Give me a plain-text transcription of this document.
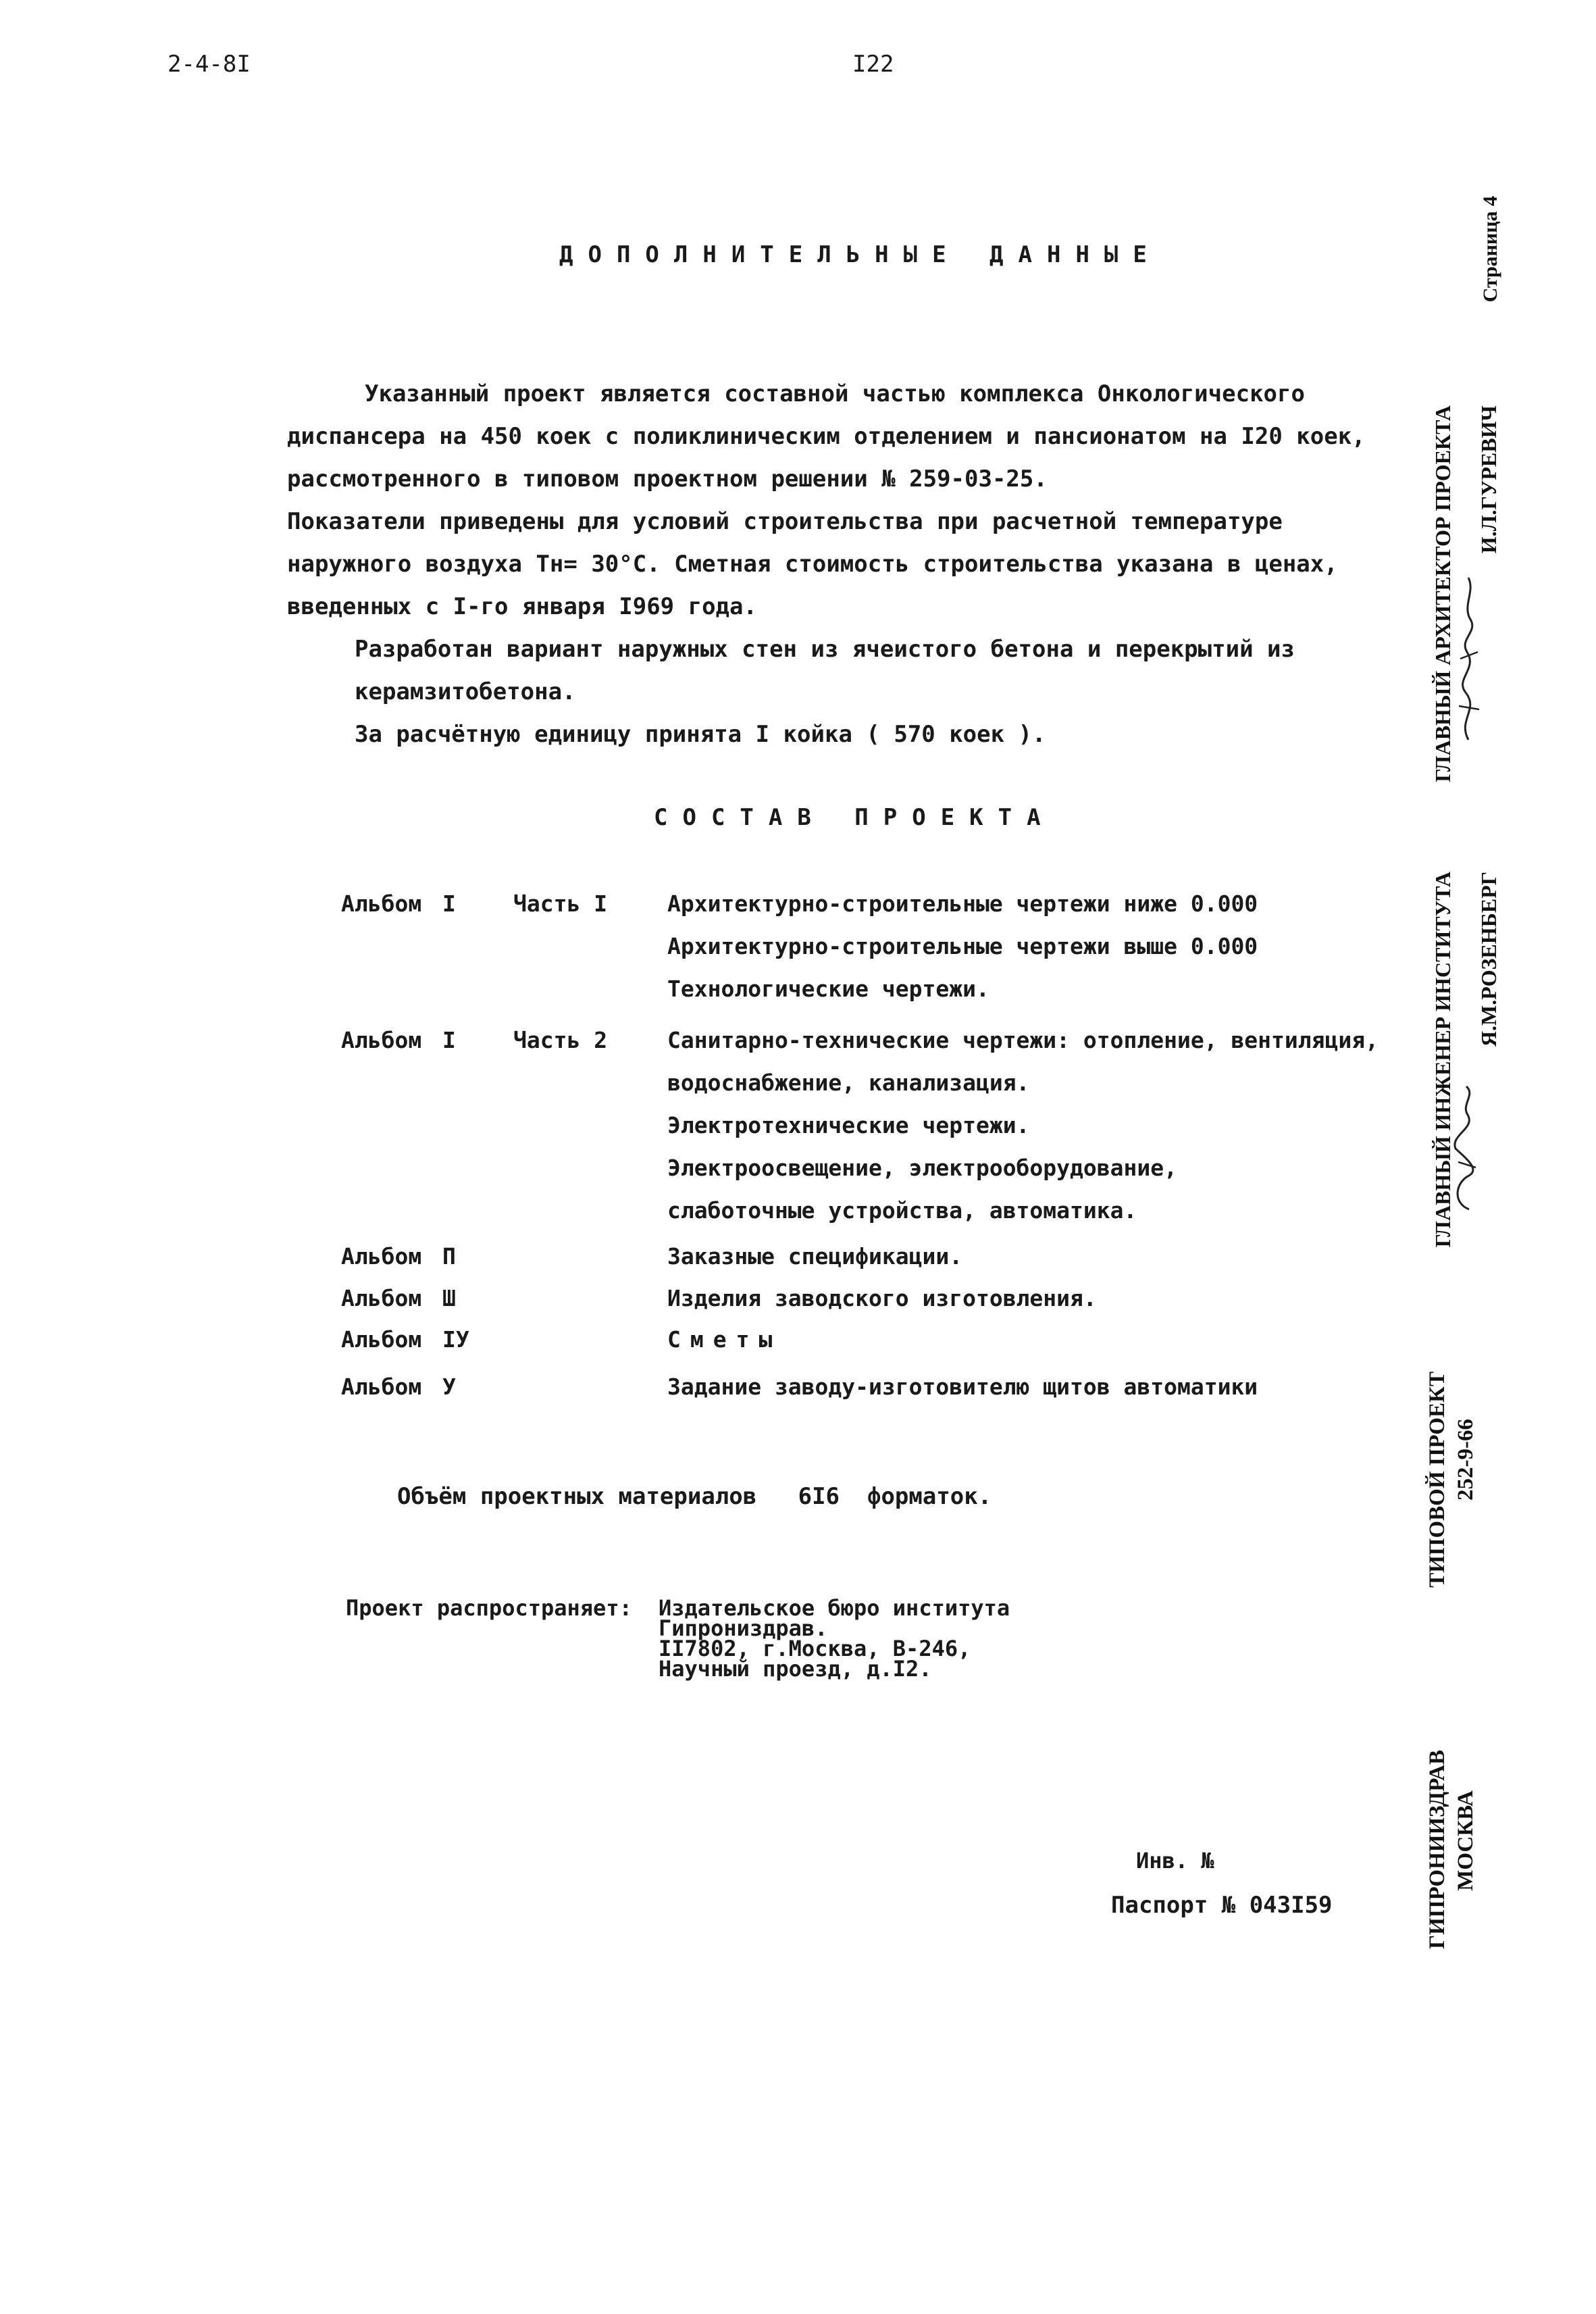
2-4-8I	I22
ДОПОЛНИТЕЛЬНЫЕ ДАННЫЕ

Указанный проект является составной частью комплекса Онкологического диспансера на 450 коек с поликлиническим отделением и пансионатом на I20 коек, рассмотренного в типовом проектном решении № 259-03-25.

Показатели приведены для условий строительства при расчетной температуре наружного воздуха Тн= 30°С. Сметная стоимость строительства указана в ценах, введенных с I-го января I969 года.

Разработан вариант наружных стен из ячеистого бетона и перекрытий из керамзитобетона.

За расчётную единицу принята I койка ( 570 коек ).

СОСТАВ ПРОЕКТА
Альбом I	Часть I	Архитектурно-строительные чертежи ниже 0.000
Архитектурно-строительные чертежи выше 0.000
Технологические чертежи.
Альбом I	Часть 2	Санитарно-технические чертежи: отопление, вентиляция,
водоснабжение, канализация.
Электротехнические чертежи.
Электроосвещение, электрооборудование,
слаботочные устройства, автоматика.
Альбом П	Заказные спецификации.
Альбом Ш	Изделия заводского изготовления.
Альбом IУ	Сметы
Альбом У	Задание заводу-изготовителю щитов автоматики
Объём проектных материалов   6I6  форматок.
Проект распространяет: Издательское бюро института
Гипрониздрав.
II7802, г.Москва, В-246,
Научный проезд, д.I2.
Инв. №
Паспорт № 043I59
Страница 4
ГЛАВНЫЙ АРХИТЕКТОР ПРОЕКТА И.Л.ГУРЕВИЧ
ГЛАВНЫЙ ИНЖЕНЕР ИНСТИТУТА Я.М.РОЗЕНБЕРГ
ТИПОВОЙ ПРОЕКТ 252-9-66
ГИПРОНИИЗДРАВ МОСКВА
